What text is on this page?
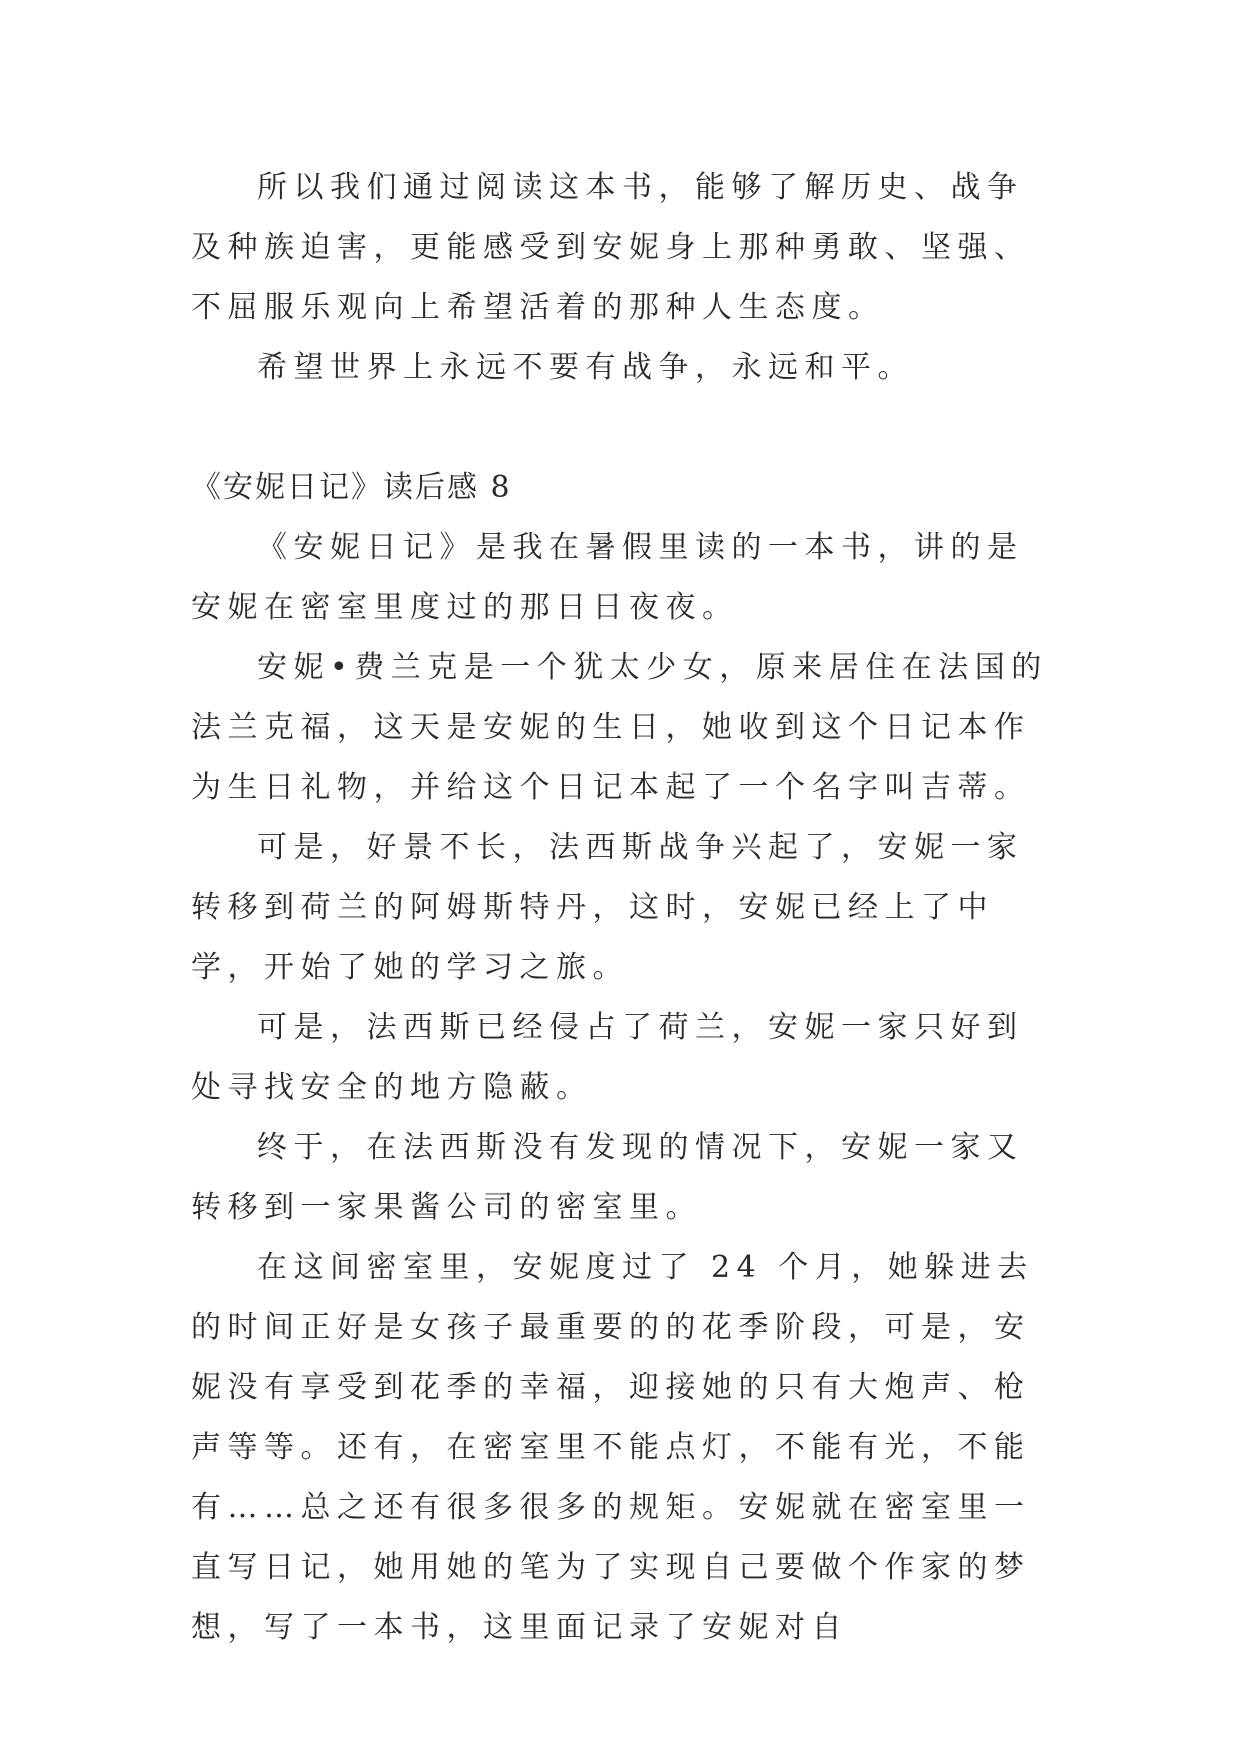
所以我们通过阅读这本书，能够了解历史、战争及种族迫害，更能感受到安妮身上那种勇敢、坚强、不屈服乐观向上希望活着的那种人生态度。

希望世界上永远不要有战争，永远和平。

《安妮日记》读后感 8

《安妮日记》是我在暑假里读的一本书，讲的是安妮在密室里度过的那日日夜夜。

安妮•费兰克是一个犹太少女，原来居住在法国的法兰克福，这天是安妮的生日，她收到这个日记本作为生日礼物，并给这个日记本起了一个名字叫吉蒂。

可是，好景不长，法西斯战争兴起了，安妮一家转移到荷兰的阿姆斯特丹，这时，安妮已经上了中学，开始了她的学习之旅。

可是，法西斯已经侵占了荷兰，安妮一家只好到处寻找安全的地方隐蔽。

终于，在法西斯没有发现的情况下，安妮一家又转移到一家果酱公司的密室里。

在这间密室里，安妮度过了 24 个月，她躲进去的时间正好是女孩子最重要的的花季阶段，可是，安妮没有享受到花季的幸福，迎接她的只有大炮声、枪声等等。还有，在密室里不能点灯，不能有光，不能有……总之还有很多很多的规矩。安妮就在密室里一直写日记，她用她的笔为了实现自己要做个作家的梦想，写了一本书，这里面记录了安妮对自
